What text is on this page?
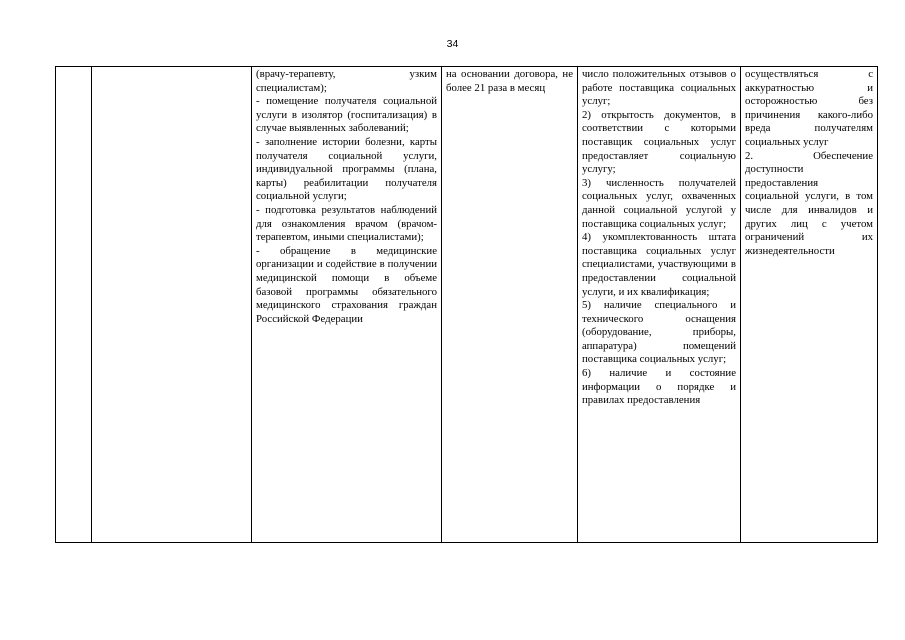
34

(врачу-терапевту, узким специалистам);
- помещение получателя социальной услуги в изолятор (госпитализация) в случае выявленных заболеваний;
- заполнение истории болезни, карты получателя социальной услуги, индивидуальной программы (плана, карты) реабилитации получателя социальной услуги;
- подготовка результатов наблюдений для ознакомления врачом (врачом-терапевтом, иными специалистами);
- обращение в медицинские организации и содействие в получении медицинской помощи в объеме базовой программы обязательного медицинского страхования граждан Российской Федерации

на основании договора, не более 21 раза в месяц

число положительных отзывов о работе поставщика социальных услуг;
2) открытость документов, в соответствии с которыми поставщик социальных услуг предоставляет социальную услугу;
3) численность получателей социальных услуг, охваченных данной социальной услугой у поставщика социальных услуг;
4) укомплектованность штата поставщика социальных услуг специалистами, участвующими в предоставлении социальной услуги, и их квалификация;
5) наличие специального и технического оснащения (оборудование, приборы, аппаратура) помещений поставщика социальных услуг;
6) наличие и состояние информации о порядке и правилах предоставления

осуществляться с аккуратностью и осторожностью без причинения какого-либо вреда получателям социальных услуг
2. Обеспечение доступности предоставления социальной услуги, в том числе для инвалидов и других лиц с учетом ограничений их жизнедеятельности
